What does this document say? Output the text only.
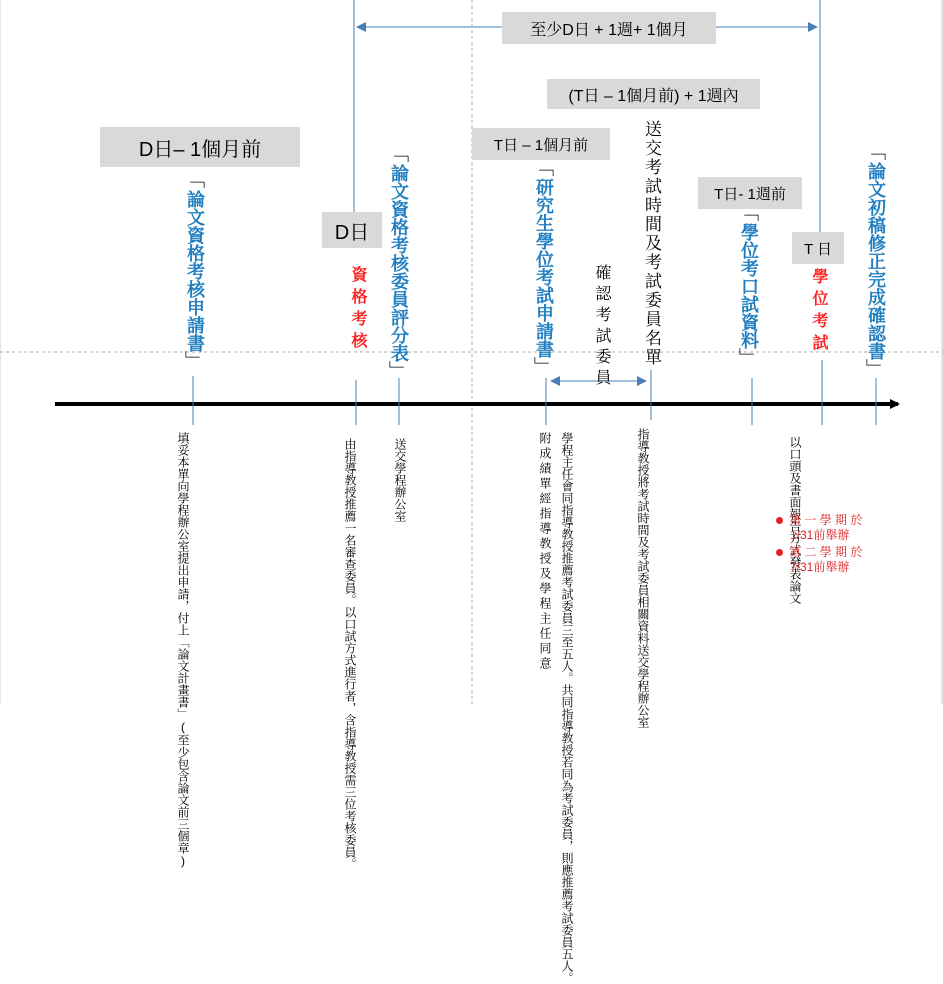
至少D日 + 1週+ 1個月
(T日 – 1個月前) + 1週內
D日– 1個月前	T日 – 1個月前
D日
T日- 1週前
T 日
﹁
論文資格考核申請書
﹂
資格考核
﹁
論文資格考核委員評分表
﹂
﹁
研究生學位考試申請書
﹂ 確認考試委員 送交考試時間及考試委員名單	﹁
學位考口試資料
﹂
學位考試
﹁
論文初稿修正完成確認書
﹂
填妥本單向學程辦公室提出申請，付上「論文計畫書」(至少包含論文前三個章)
由指導教授推薦一名審查委員。以口試方式進行者，含指導教授需三位考核委員。
送交學程辦公室	附成績單經指導教授及學程主任同意 學程主任會同指導教授推薦考試委員三至五人。共同指導教授若同為考試委員，則應推薦考試委員五人。
指導教授將考試時間及考試委員相關資料送交學程辦公室
以口頭及書面報告方式發表論文
第 一 學 期 於
1/31前舉辦
第 二 學 期 於
7/31前舉辦
